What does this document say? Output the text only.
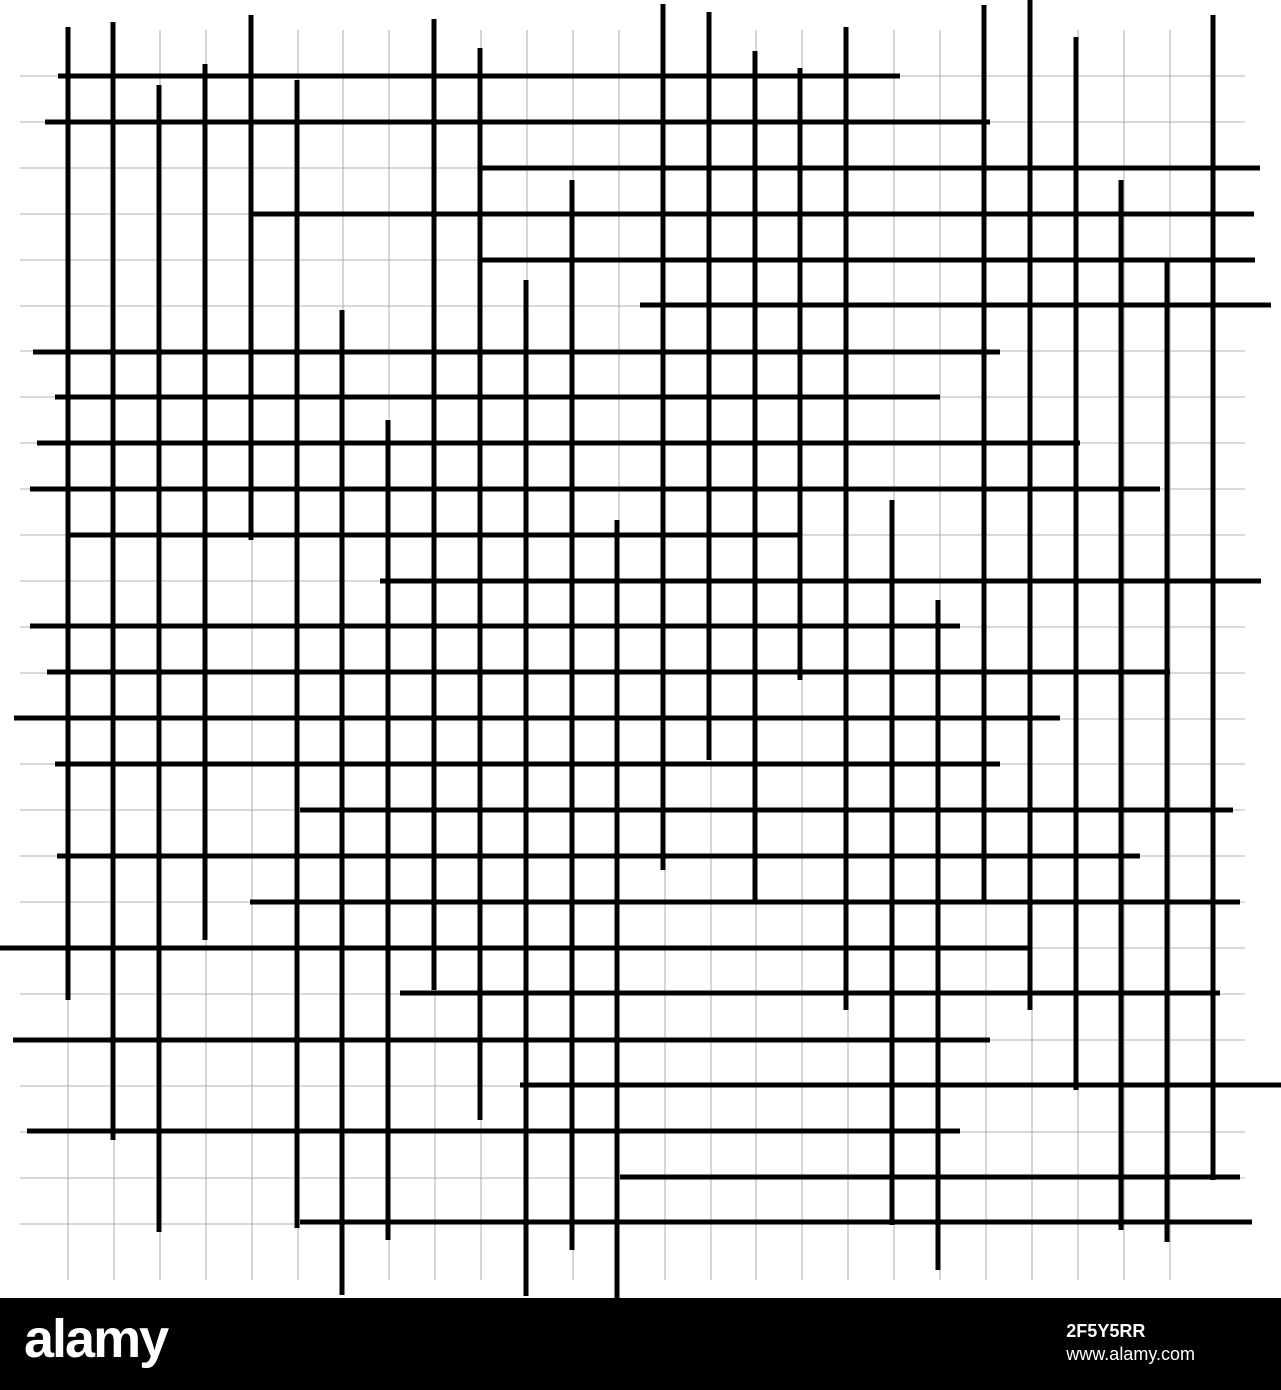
alamy	2F5Y5RR
www.alamy.com
